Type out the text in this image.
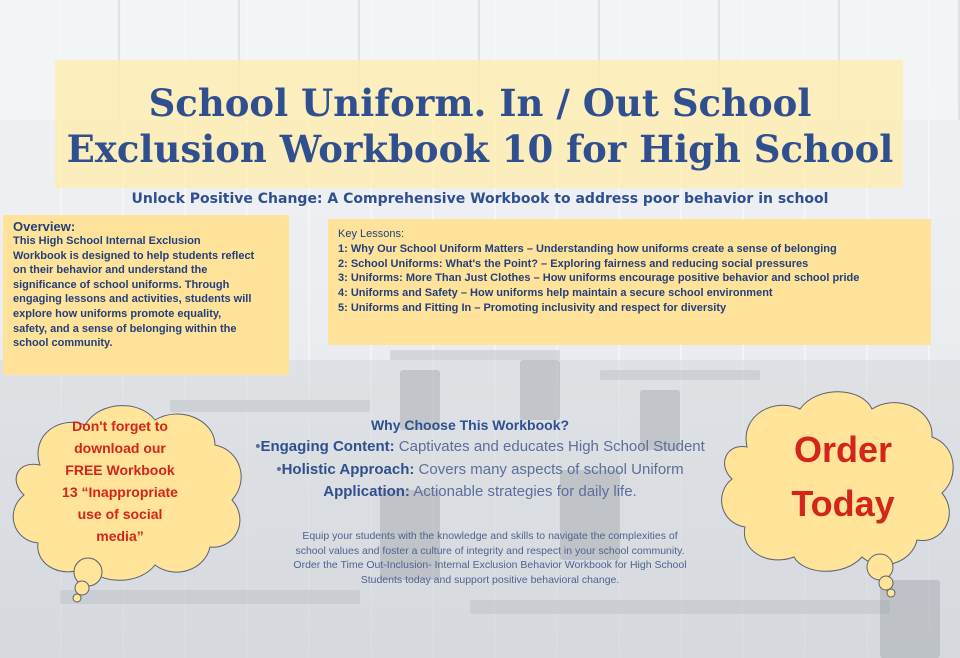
School Uniform. In / Out School
Exclusion Workbook 10 for High School
Unlock Positive Change: A Comprehensive Workbook to address poor behavior in school

Overview:

This High School Internal Exclusion
Workbook is designed to help students reflect
on their behavior and understand the
significance of school uniforms. Through
engaging lessons and activities, students will
explore how uniforms promote equality,
safety, and a sense of belonging within the
school community.

Key Lessons:
1: Why Our School Uniform Matters – Understanding how uniforms create a sense of belonging
2: School Uniforms: What's the Point? – Exploring fairness and reducing social pressures
3: Uniforms: More Than Just Clothes – How uniforms encourage positive behavior and school pride
4: Uniforms and Safety – How uniforms help maintain a secure school environment
5: Uniforms and Fitting In – Promoting inclusivity and respect for diversity
Why Choose This Workbook?
•Engaging Content: Captivates and educates High School Student
•Holistic Approach: Covers many aspects of school Uniform
Application: Actionable strategies for daily life.
Equip your students with the knowledge and skills to navigate the complexities of
school values and foster a culture of integrity and respect in your school community.
Order the Time Out-Inclusion- Internal Exclusion Behavior Workbook for High School
Students today and support positive behavioral change.
Don't forget to
download our
FREE Workbook
13 “Inappropriate
use of social
media”
Order
Today
